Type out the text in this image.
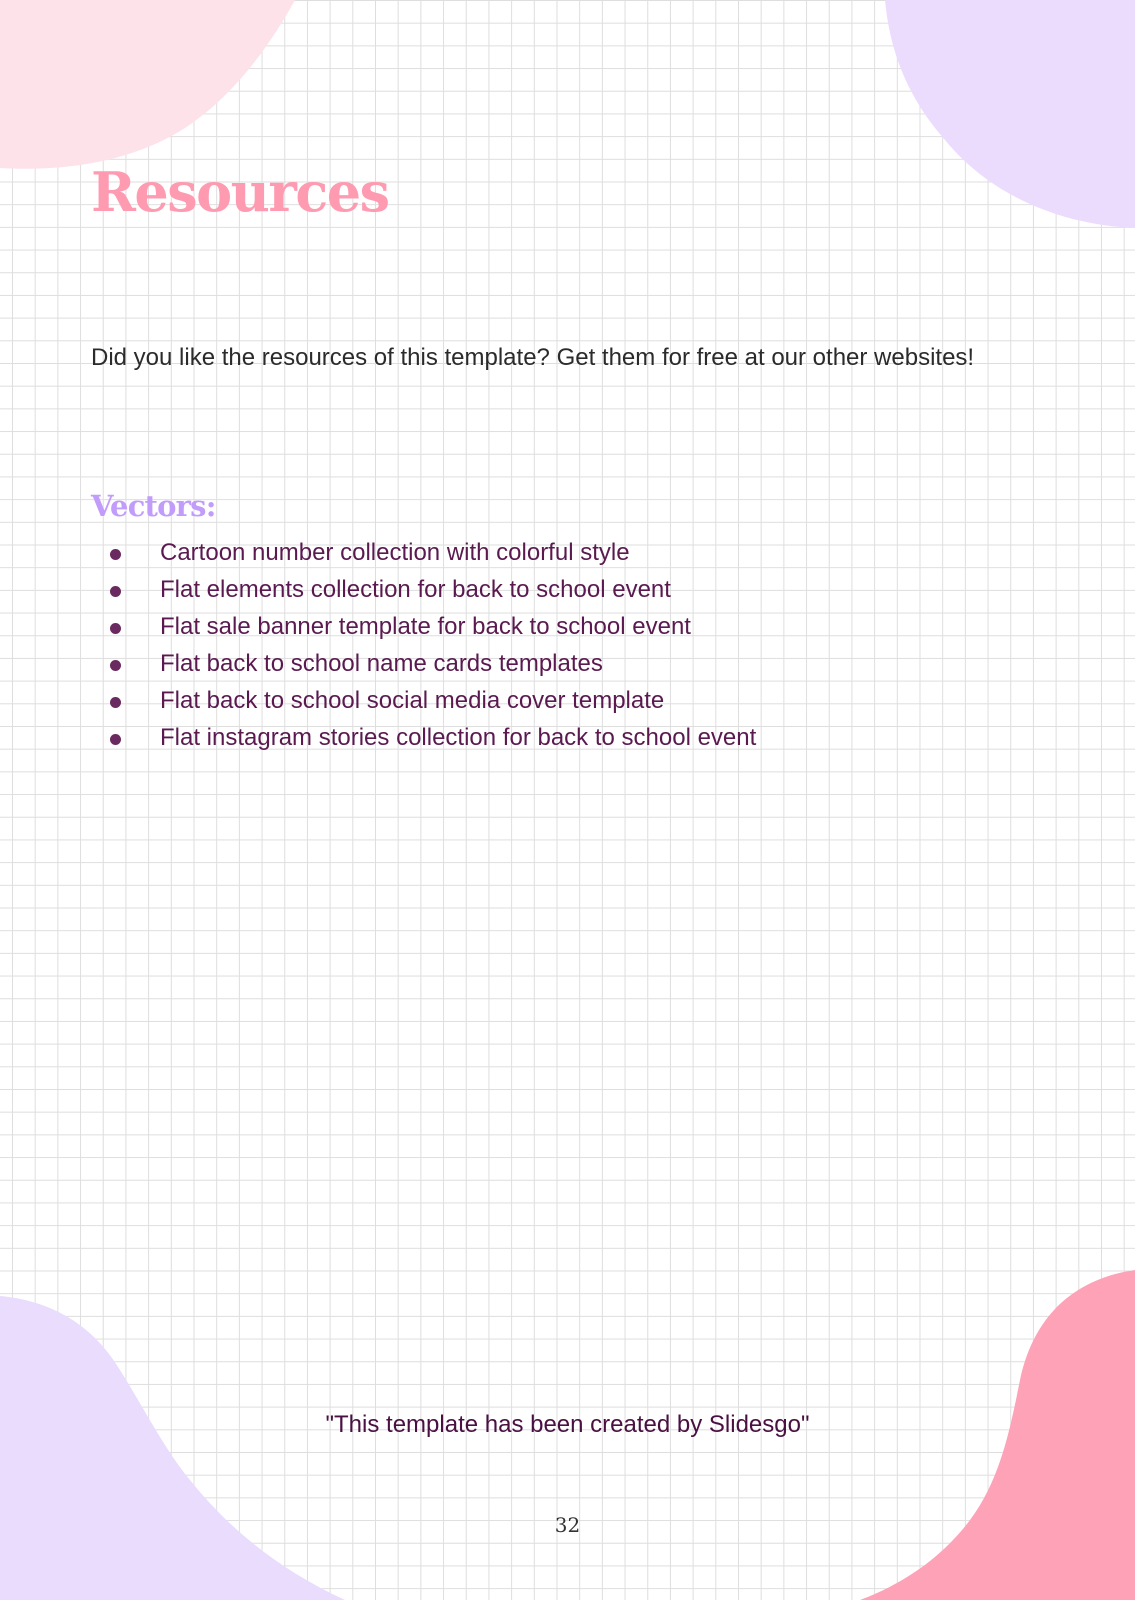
Resources

Did you like the resources of this template? Get them for free at our other websites!

Vectors:
Cartoon number collection with colorful style
Flat elements collection for back to school event
Flat sale banner template for back to school event
Flat back to school name cards templates
Flat back to school social media cover template
Flat instagram stories collection for back to school event
"This template has been created by Slidesgo"
32
